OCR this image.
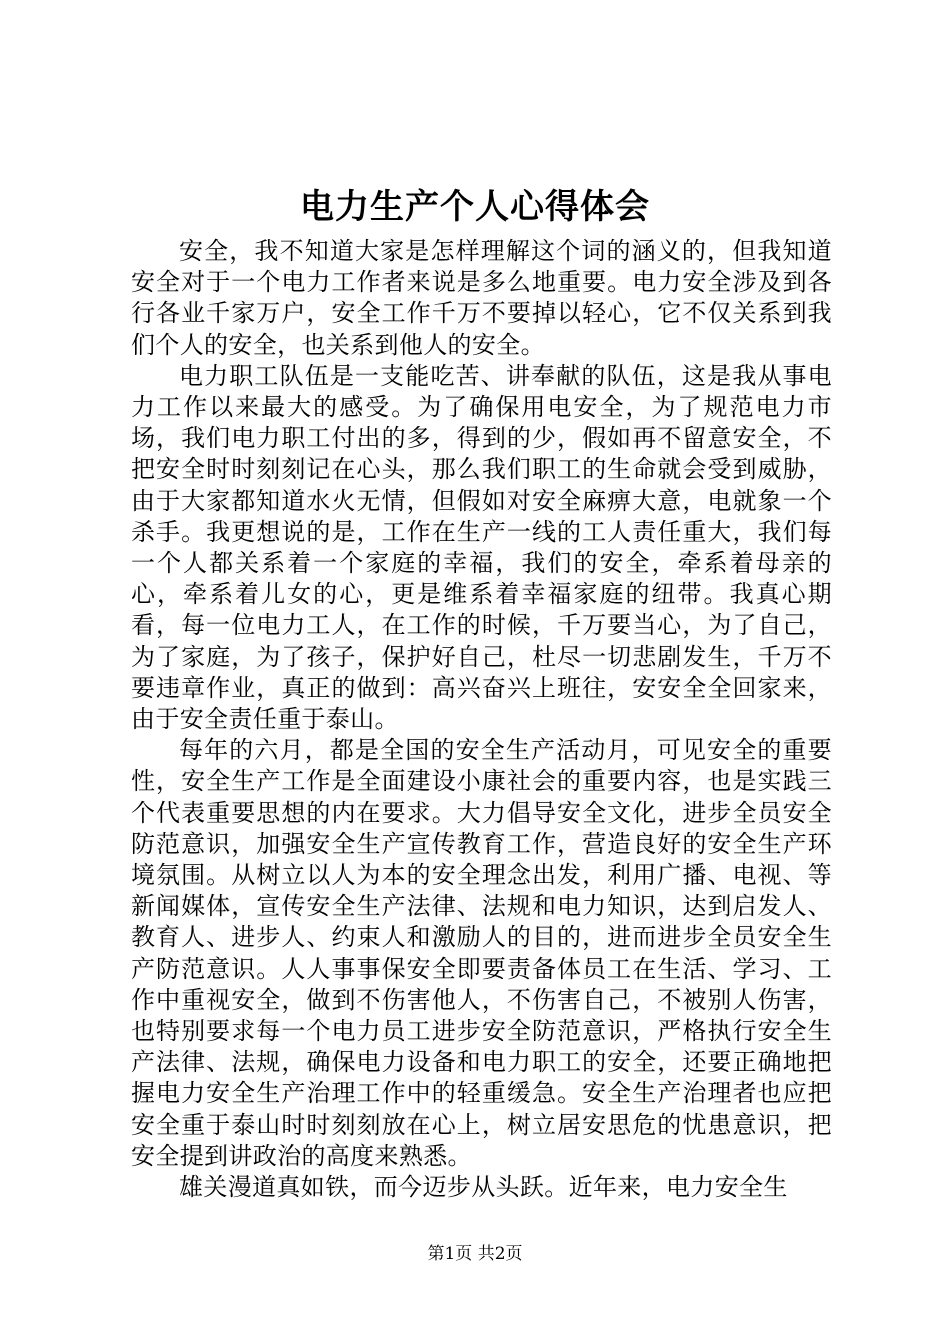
电力生产个人心得体会

安全，我不知道大家是怎样理解这个词的涵义的，但我知道安全对于一个电力工作者来说是多么地重要。电力安全涉及到各行各业千家万户，安全工作千万不要掉以轻心，它不仅关系到我们个人的安全，也关系到他人的安全。

电力职工队伍是一支能吃苦、讲奉献的队伍，这是我从事电力工作以来最大的感受。为了确保用电安全，为了规范电力市场，我们电力职工付出的多，得到的少，假如再不留意安全，不把安全时时刻刻记在心头，那么我们职工的生命就会受到威胁，由于大家都知道水火无情，但假如对安全麻痹大意，电就象一个杀手。我更想说的是，工作在生产一线的工人责任重大，我们每一个人都关系着一个家庭的幸福，我们的安全，牵系着母亲的心，牵系着儿女的心，更是维系着幸福家庭的纽带。我真心期看，每一位电力工人，在工作的时候，千万要当心，为了自己，为了家庭，为了孩子，保护好自己，杜尽一切悲剧发生，千万不要违章作业，真正的做到：高兴奋兴上班往，安安全全回家来，由于安全责任重于泰山。

每年的六月，都是全国的安全生产活动月，可见安全的重要性，安全生产工作是全面建设小康社会的重要内容，也是实践三个代表重要思想的内在要求。大力倡导安全文化，进步全员安全防范意识，加强安全生产宣传教育工作，营造良好的安全生产环境氛围。从树立以人为本的安全理念出发，利用广播、电视、等新闻媒体，宣传安全生产法律、法规和电力知识，达到启发人、教育人、进步人、约束人和激励人的目的，进而进步全员安全生产防范意识。人人事事保安全即要责备体员工在生活、学习、工作中重视安全，做到不伤害他人，不伤害自己，不被别人伤害，也特别要求每一个电力员工进步安全防范意识，严格执行安全生产法律、法规，确保电力设备和电力职工的安全，还要正确地把握电力安全生产治理工作中的轻重缓急。安全生产治理者也应把安全重于泰山时时刻刻放在心上，树立居安思危的忧患意识，把安全提到讲政治的高度来熟悉。

雄关漫道真如铁，而今迈步从头跃。近年来，电力安全生

第1页 共2页
